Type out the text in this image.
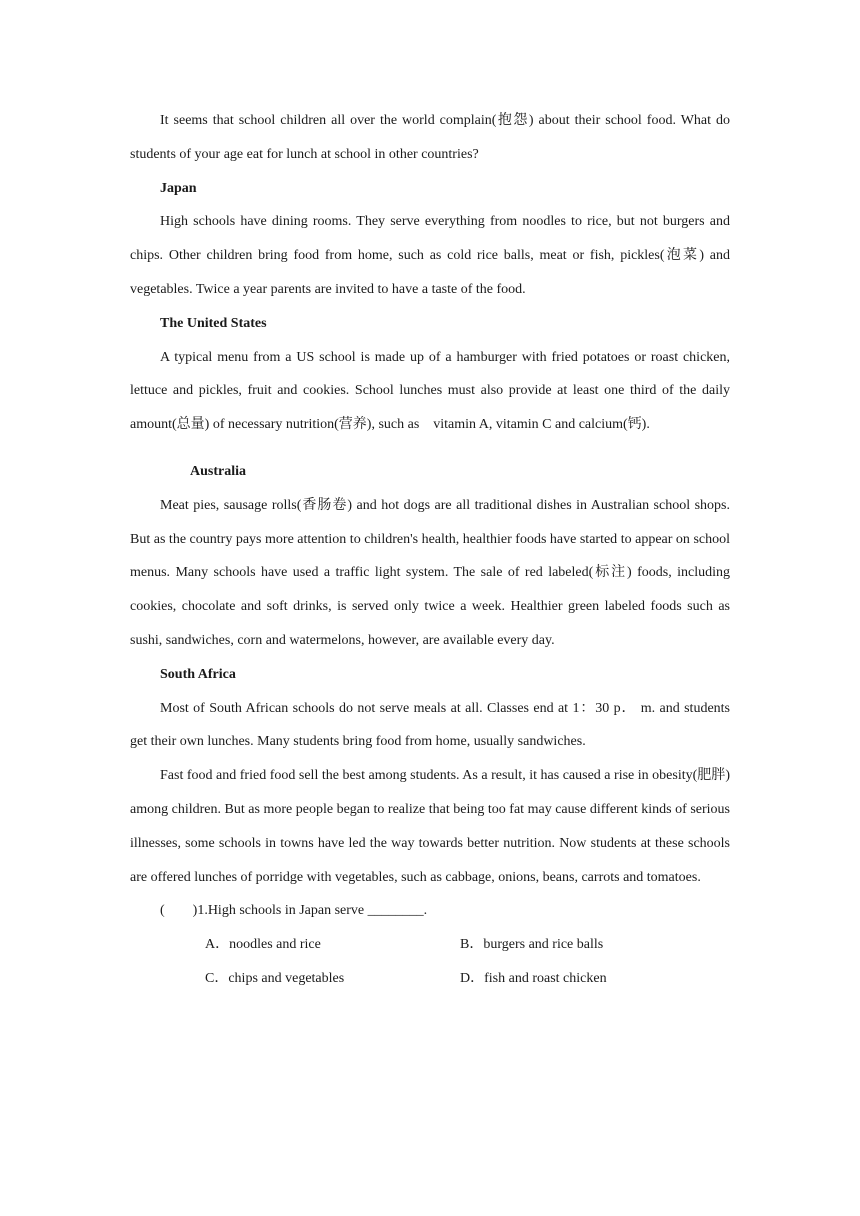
It seems that school children all over the world complain(抱怨) about their school food. What do students of your age eat for lunch at school in other countries?

Japan

High schools have dining rooms. They serve everything from noodles to rice, but not burgers and chips. Other children bring food from home, such as cold rice balls, meat or fish, pickles(泡菜) and vegetables. Twice a year parents are invited to have a taste of the food.

The United States

A typical menu from a US school is made up of a hamburger with fried potatoes or roast chicken, lettuce and pickles, fruit and cookies. School lunches must also provide at least one third of the daily amount(总量) of necessary nutrition(营养), such as    vitamin A, vitamin C and calcium(钙).

Australia

Meat pies, sausage rolls(香肠卷) and hot dogs are all traditional dishes in Australian school shops. But as the country pays more attention to children's health, healthier foods have started to appear on school menus. Many schools have used a traffic light system. The sale of red labeled(标注) foods, including cookies, chocolate and soft drinks, is served only twice a week. Healthier green labeled foods such as sushi, sandwiches, corn and watermelons, however, are available every day.

South Africa

Most of South African schools do not serve meals at all. Classes end at 1：30 p． m. and students get their own lunches. Many students bring food from home, usually sandwiches.

Fast food and fried food sell the best among students. As a result, it has caused a rise in obesity(肥胖) among children. But as more people began to realize that being too fat may cause different kinds of serious illnesses, some schools in towns have led the way towards better nutrition. Now students at these schools are offered lunches of porridge with vegetables, such as cabbage, onions, beans, carrots and tomatoes.

(　　)1.High schools in Japan serve ________.

A．noodles and rice	B．burgers and rice balls
C．chips and vegetables	D．fish and roast chicken
